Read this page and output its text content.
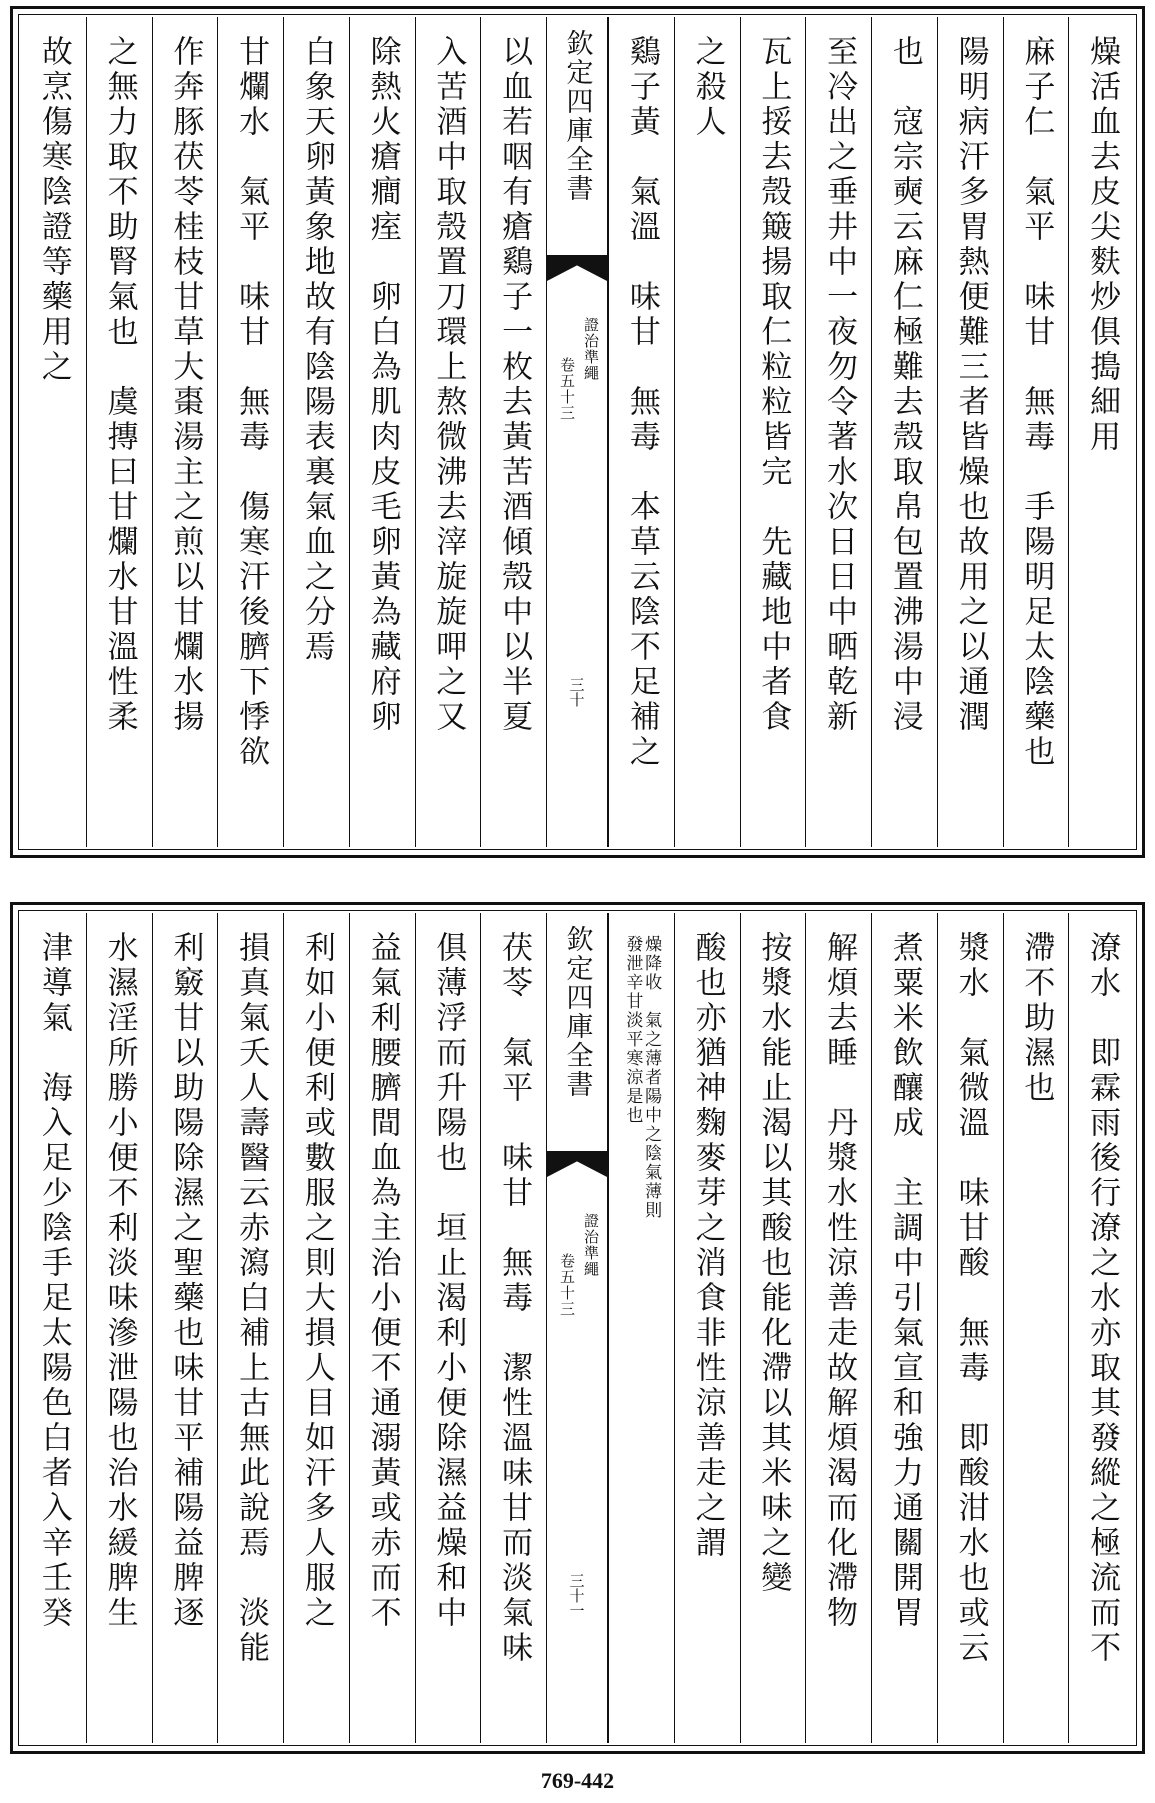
燥活血去皮尖麩炒俱搗細用
麻子仁　氣平　味甘　無毒　手陽明足太陰藥也
陽明病汗多胃熱便難三者皆燥也故用之以通潤
也　寇宗奭云麻仁極難去殼取帛包置沸湯中浸
至冷出之垂井中一夜勿令著水次日日中晒乾新
瓦上挼去殼簸揚取仁粒粒皆完　先藏地中者食
之殺人
鷄子黃　氣溫　味甘　無毒　本草云陰不足補之
欽定四庫全書
證治準繩
卷五十三
三十
以血若咽有瘡鷄子一枚去黃苦酒傾殼中以半夏
入苦酒中取殼置刀環上熬微沸去滓旋旋呷之又
除熱火瘡癎痓　卵白為肌肉皮毛卵黃為藏府卵
白象天卵黃象地故有陰陽表裏氣血之分焉
甘爛水　氣平　味甘　無毒　傷寒汗後臍下悸欲
作奔豚茯苓桂枝甘草大棗湯主之煎以甘爛水揚
之無力取不助腎氣也　虞摶曰甘爛水甘溫性柔
故烹傷寒陰證等藥用之
潦水　即霖雨後行潦之水亦取其發縱之極流而不
滯不助濕也
漿水　氣微溫　味甘酸　無毒　即酸泔水也或云
煮粟米飲釀成　主調中引氣宣和強力通關開胃
解煩去睡　丹漿水性涼善走故解煩渴而化滯物
按漿水能止渴以其酸也能化滯以其米味之變
酸也亦猶神麴麥芽之消食非性涼善走之謂
燥降收　氣之薄者陽中之陰氣薄則
發泄辛甘淡平寒涼是也
欽定四庫全書
證治準繩
卷五十三
三十一
茯苓　氣平　味甘　無毒　潔性溫味甘而淡氣味
俱薄浮而升陽也　垣止渴利小便除濕益燥和中
益氣利腰臍間血為主治小便不通溺黃或赤而不
利如小便利或數服之則大損人目如汗多人服之
損真氣夭人壽醫云赤瀉白補上古無此說焉　淡能
利竅甘以助陽除濕之聖藥也味甘平補陽益脾逐
水濕淫所勝小便不利淡味滲泄陽也治水緩脾生
津導氣　海入足少陰手足太陽色白者入辛壬癸
769-442
